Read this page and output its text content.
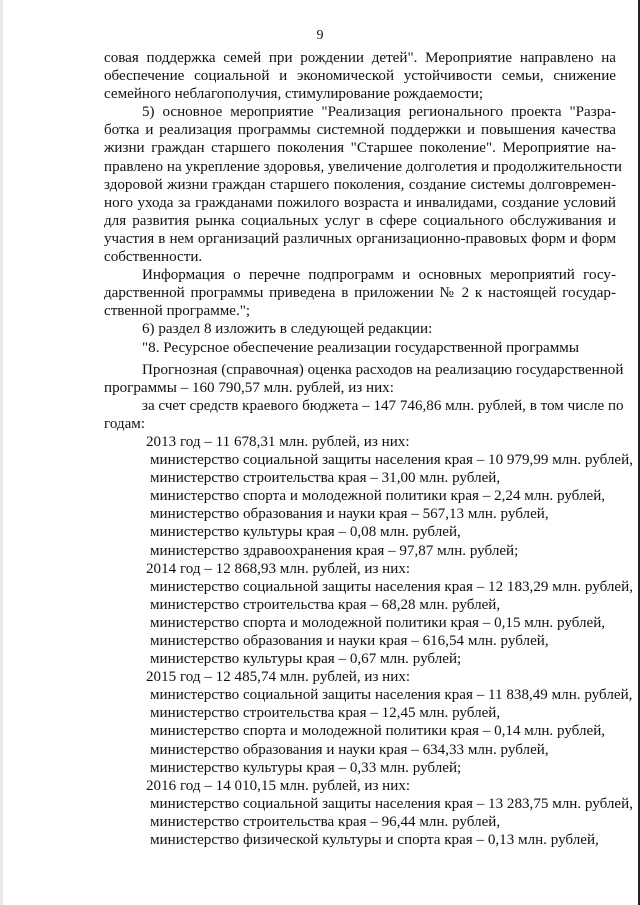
9
совая поддержка семей при рождении детей". Мероприятие направлено на
обеспечение социальной и экономической устойчивости семьи, снижение
семейного неблагополучия, стимулирование рождаемости;
5) основное мероприятие "Реализация регионального проекта "Разра-
ботка и реализация программы системной поддержки и повышения качества
жизни граждан старшего поколения "Старшее поколение". Мероприятие на-
правлено на укрепление здоровья, увеличение долголетия и продолжительности
здоровой жизни граждан старшего поколения, создание системы долговремен-
ного ухода за гражданами пожилого возраста и инвалидами, создание условий
для развития рынка социальных услуг в сфере социального обслуживания и
участия в нем организаций различных организационно-правовых форм и форм
собственности.
Информация о перечне подпрограмм и основных мероприятий госу-
дарственной программы приведена в приложении № 2 к настоящей государ-
ственной программе.";
6) раздел 8 изложить в следующей редакции:
"8. Ресурсное обеспечение реализации государственной программы
Прогнозная (справочная) оценка расходов на реализацию государственной
программы – 160 790,57 млн. рублей, из них:
за счет средств краевого бюджета – 147 746,86 млн. рублей, в том числе по
годам:
2013 год – 11 678,31 млн. рублей, из них:
министерство социальной защиты населения края – 10 979,99 млн. рублей,
министерство строительства края – 31,00 млн. рублей,
министерство спорта и молодежной политики края – 2,24 млн. рублей,
министерство образования и науки края – 567,13 млн. рублей,
министерство культуры края – 0,08 млн. рублей,
министерство здравоохранения края – 97,87 млн. рублей;
2014 год – 12 868,93 млн. рублей, из них:
министерство социальной защиты населения края – 12 183,29 млн. рублей,
министерство строительства края – 68,28 млн. рублей,
министерство спорта и молодежной политики края – 0,15 млн. рублей,
министерство образования и науки края – 616,54 млн. рублей,
министерство культуры края – 0,67 млн. рублей;
2015 год – 12 485,74 млн. рублей, из них:
министерство социальной защиты населения края – 11 838,49 млн. рублей,
министерство строительства края – 12,45 млн. рублей,
министерство спорта и молодежной политики края – 0,14 млн. рублей,
министерство образования и науки края – 634,33 млн. рублей,
министерство культуры края – 0,33 млн. рублей;
2016 год – 14 010,15 млн. рублей, из них:
министерство социальной защиты населения края – 13 283,75 млн. рублей,
министерство строительства края – 96,44 млн. рублей,
министерство физической культуры и спорта края – 0,13 млн. рублей,
